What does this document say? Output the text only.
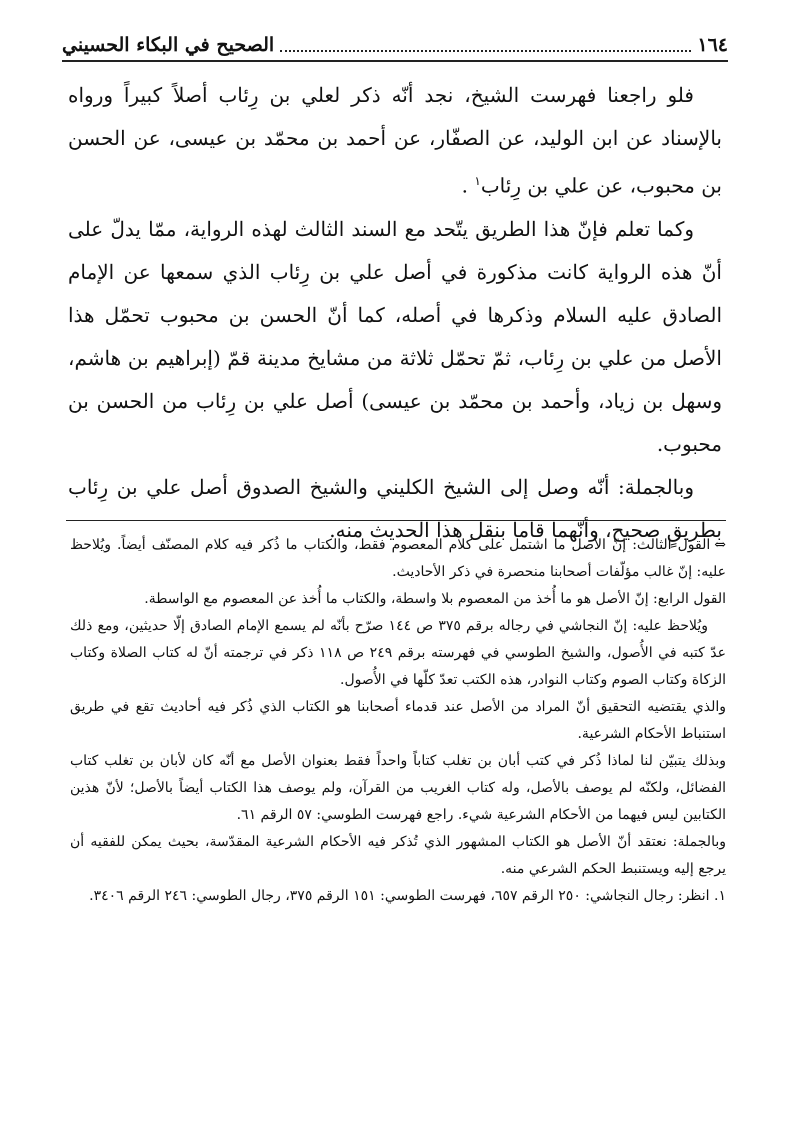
١٦٤
الصحيح في البكاء الحسيني

فلو راجعنا فهرست الشيخ، نجد أنّه ذكر لعلي بن رِئاب أصلاً كبيراً ورواه بالإسناد عن ابن الوليد، عن الصفّار، عن أحمد بن محمّد بن عيسى، عن الحسن بن محبوب، عن علي بن رِئاب$^١$ .

وكما تعلم فإنّ هذا الطريق يتّحد مع السند الثالث لهذه الرواية، ممّا يدلّ على أنّ هذه الرواية كانت مذكورة في أصل علي بن رِئاب الذي سمعها عن الإمام الصادق عليه السلام وذكرها في أصله، كما أنّ الحسن بن محبوب تحمّل هذا الأصل من علي بن رِئاب، ثمّ تحمّل ثلاثة من مشايخ مدينة قمّ (إبراهيم بن هاشم، وسهل بن زياد، وأحمد بن محمّد بن عيسى) أصل علي بن رِئاب من الحسن بن محبوب.

وبالجملة: أنّه وصل إلى الشيخ الكليني والشيخ الصدوق أصل علي بن رِئاب بطريقٍ صحيح، وأنّهما قاما بنقل هذا الحديث منه.

⇔القول الثالث: إنّ الأصل ما اشتمل على كلام المعصوم فقط، والكتاب ما ذُكر فيه كلام المصنّف أيضاً. ويُلاحظ عليه: إنّ غالب مؤلّفات أصحابنا منحصرة في ذكر الأحاديث.

القول الرابع: إنّ الأصل هو ما أُخذ من المعصوم بلا واسطة، والكتاب ما أُخذ عن المعصوم مع الواسطة.

ويُلاحظ عليه: إنّ النجاشي في رجاله برقم ٣٧٥ ص ١٤٤ صرّح بأنّه لم يسمع الإمام الصادق إلّا حديثين، ومع ذلك عدّ كتبه في الأُصول، والشيخ الطوسي في فهرسته برقم ٢٤٩ ص ١١٨ ذكر في ترجمته أنّ له كتاب الصلاة وكتاب الزكاة وكتاب الصوم وكتاب النوادر، هذه الكتب تعدّ كلّها في الأُصول.

والذي يقتضيه التحقيق أنّ المراد من الأصل عند قدماء أصحابنا هو الكتاب الذي ذُكر فيه أحاديث تقع في طريق استنباط الأحكام الشرعية.

وبذلك يتبيّن لنا لماذا ذُكر في كتب أبان بن تغلب كتاباً واحداً فقط بعنوان الأصل مع أنّه كان لأبان بن تغلب كتاب الفضائل، ولكنّه لم يوصف بالأصل، وله كتاب الغريب من القرآن، ولم يوصف هذا الكتاب أيضاً بالأصل؛ لأنّ هذين الكتابين ليس فيهما من الأحكام الشرعية شيء. راجع فهرست الطوسي: ٥٧ الرقم ٦١.

وبالجملة: نعتقد أنّ الأصل هو الكتاب المشهور الذي تُذكر فيه الأحكام الشرعية المقدّسة، بحيث يمكن للفقيه أن يرجع إليه ويستنبط الحكم الشرعي منه.

١. انظر: رجال النجاشي: ٢٥٠ الرقم ٦٥٧، فهرست الطوسي: ١٥١ الرقم ٣٧٥، رجال الطوسي: ٢٤٦ الرقم ٣٤٠٦.
